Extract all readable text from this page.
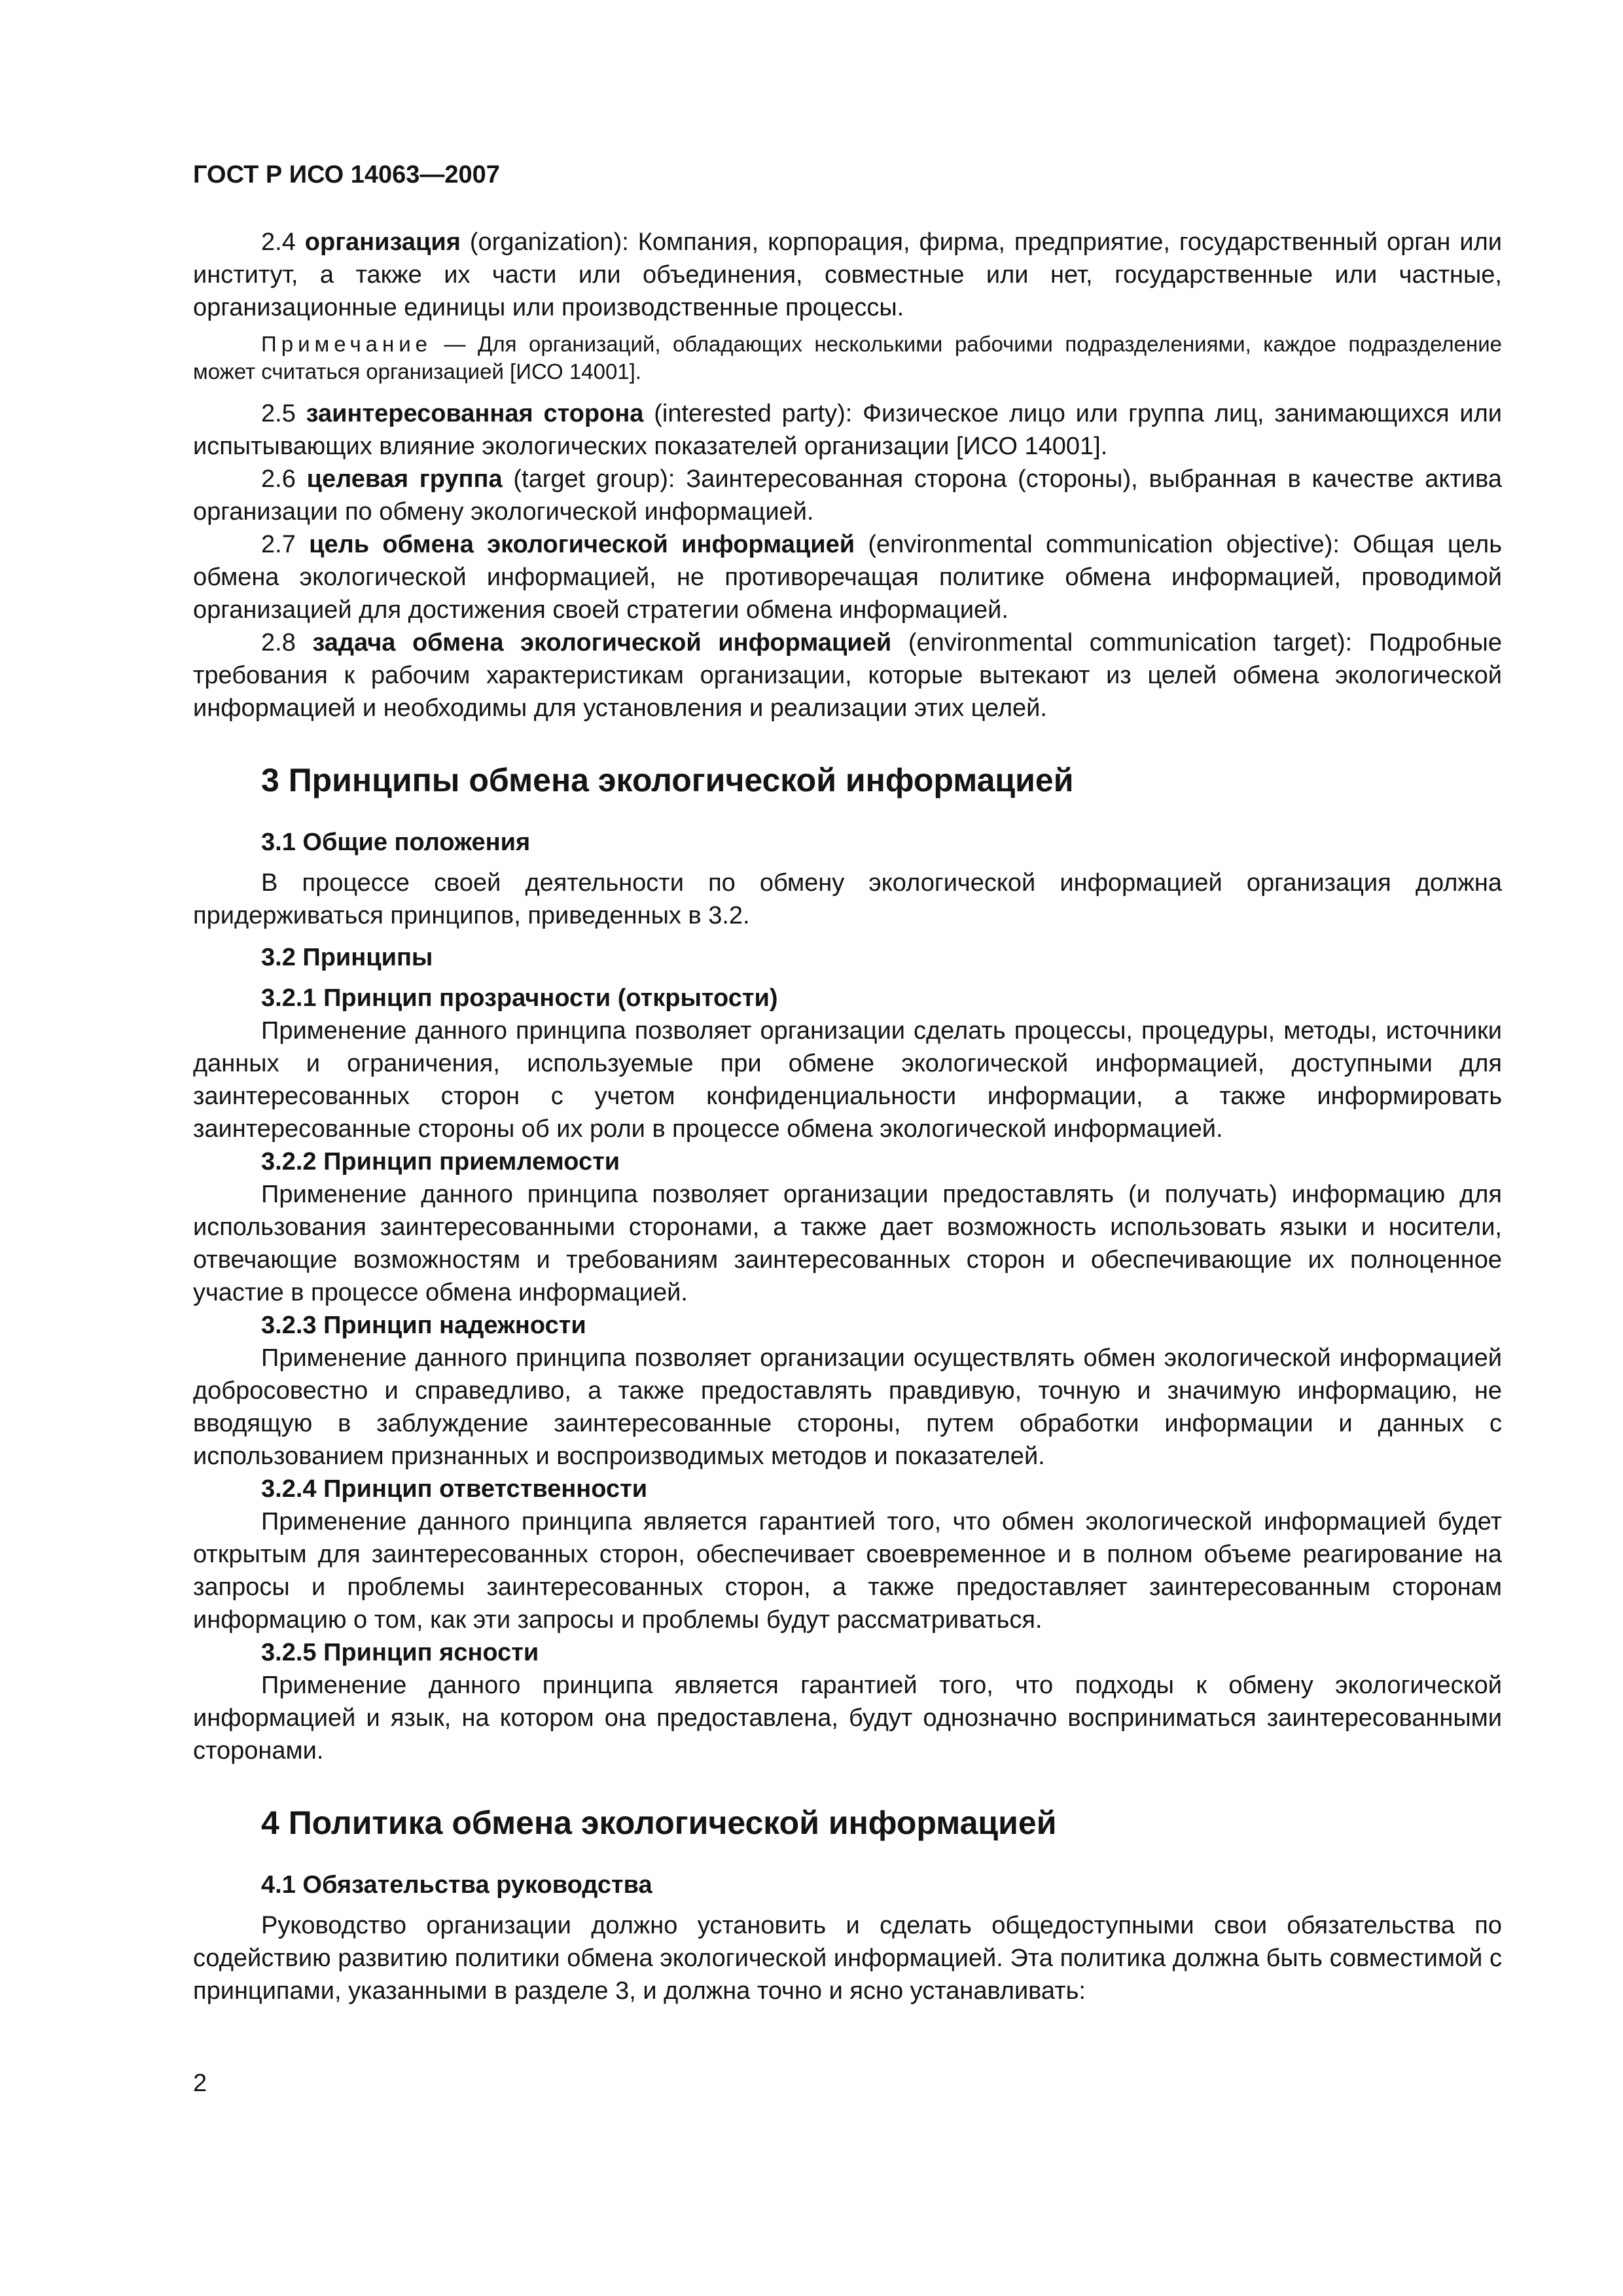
ГОСТ Р ИСО 14063—2007

2.4 организация (organization): Компания, корпорация, фирма, предприятие, государственный орган или институт, а также их части или объединения, совместные или нет, государственные или частные, организационные единицы или производственные процессы.

Примечание — Для организаций, обладающих несколькими рабочими подразделениями, каждое подразделение может считаться организацией [ИСО 14001].

2.5 заинтересованная сторона (interested party): Физическое лицо или группа лиц, занимающихся или испытывающих влияние экологических показателей организации [ИСО 14001].

2.6 целевая группа (target group): Заинтересованная сторона (стороны), выбранная в качестве актива организации по обмену экологической информацией.

2.7 цель обмена экологической информацией (environmental communication objective): Общая цель обмена экологической информацией, не противоречащая политике обмена информацией, проводимой организацией для достижения своей стратегии обмена информацией.

2.8 задача обмена экологической информацией (environmental communication target): Подробные требования к рабочим характеристикам организации, которые вытекают из целей обмена экологической информацией и необходимы для установления и реализации этих целей.

3 Принципы обмена экологической информацией
3.1 Общие положения

В процессе своей деятельности по обмену экологической информацией организация должна придерживаться принципов, приведенных в 3.2.

3.2 Принципы
3.2.1 Принцип прозрачности (открытости)

Применение данного принципа позволяет организации сделать процессы, процедуры, методы, источники данных и ограничения, используемые при обмене экологической информацией, доступными для заинтересованных сторон с учетом конфиденциальности информации, а также информировать заинтересованные стороны об их роли в процессе обмена экологической информацией.

3.2.2 Принцип приемлемости

Применение данного принципа позволяет организации предоставлять (и получать) информацию для использования заинтересованными сторонами, а также дает возможность использовать языки и носители, отвечающие возможностям и требованиям заинтересованных сторон и обеспечивающие их полноценное участие в процессе обмена информацией.

3.2.3 Принцип надежности

Применение данного принципа позволяет организации осуществлять обмен экологической информацией добросовестно и справедливо, а также предоставлять правдивую, точную и значимую информацию, не вводящую в заблуждение заинтересованные стороны, путем обработки информации и данных с использованием признанных и воспроизводимых методов и показателей.

3.2.4 Принцип ответственности

Применение данного принципа является гарантией того, что обмен экологической информацией будет открытым для заинтересованных сторон, обеспечивает своевременное и в полном объеме реагирование на запросы и проблемы заинтересованных сторон, а также предоставляет заинтересованным сторонам информацию о том, как эти запросы и проблемы будут рассматриваться.

3.2.5 Принцип ясности

Применение данного принципа является гарантией того, что подходы к обмену экологической информацией и язык, на котором она предоставлена, будут однозначно восприниматься заинтересованными сторонами.

4 Политика обмена экологической информацией
4.1 Обязательства руководства

Руководство организации должно установить и сделать общедоступными свои обязательства по содействию развитию политики обмена экологической информацией. Эта политика должна быть совместимой с принципами, указанными в разделе 3, и должна точно и ясно устанавливать:

2
